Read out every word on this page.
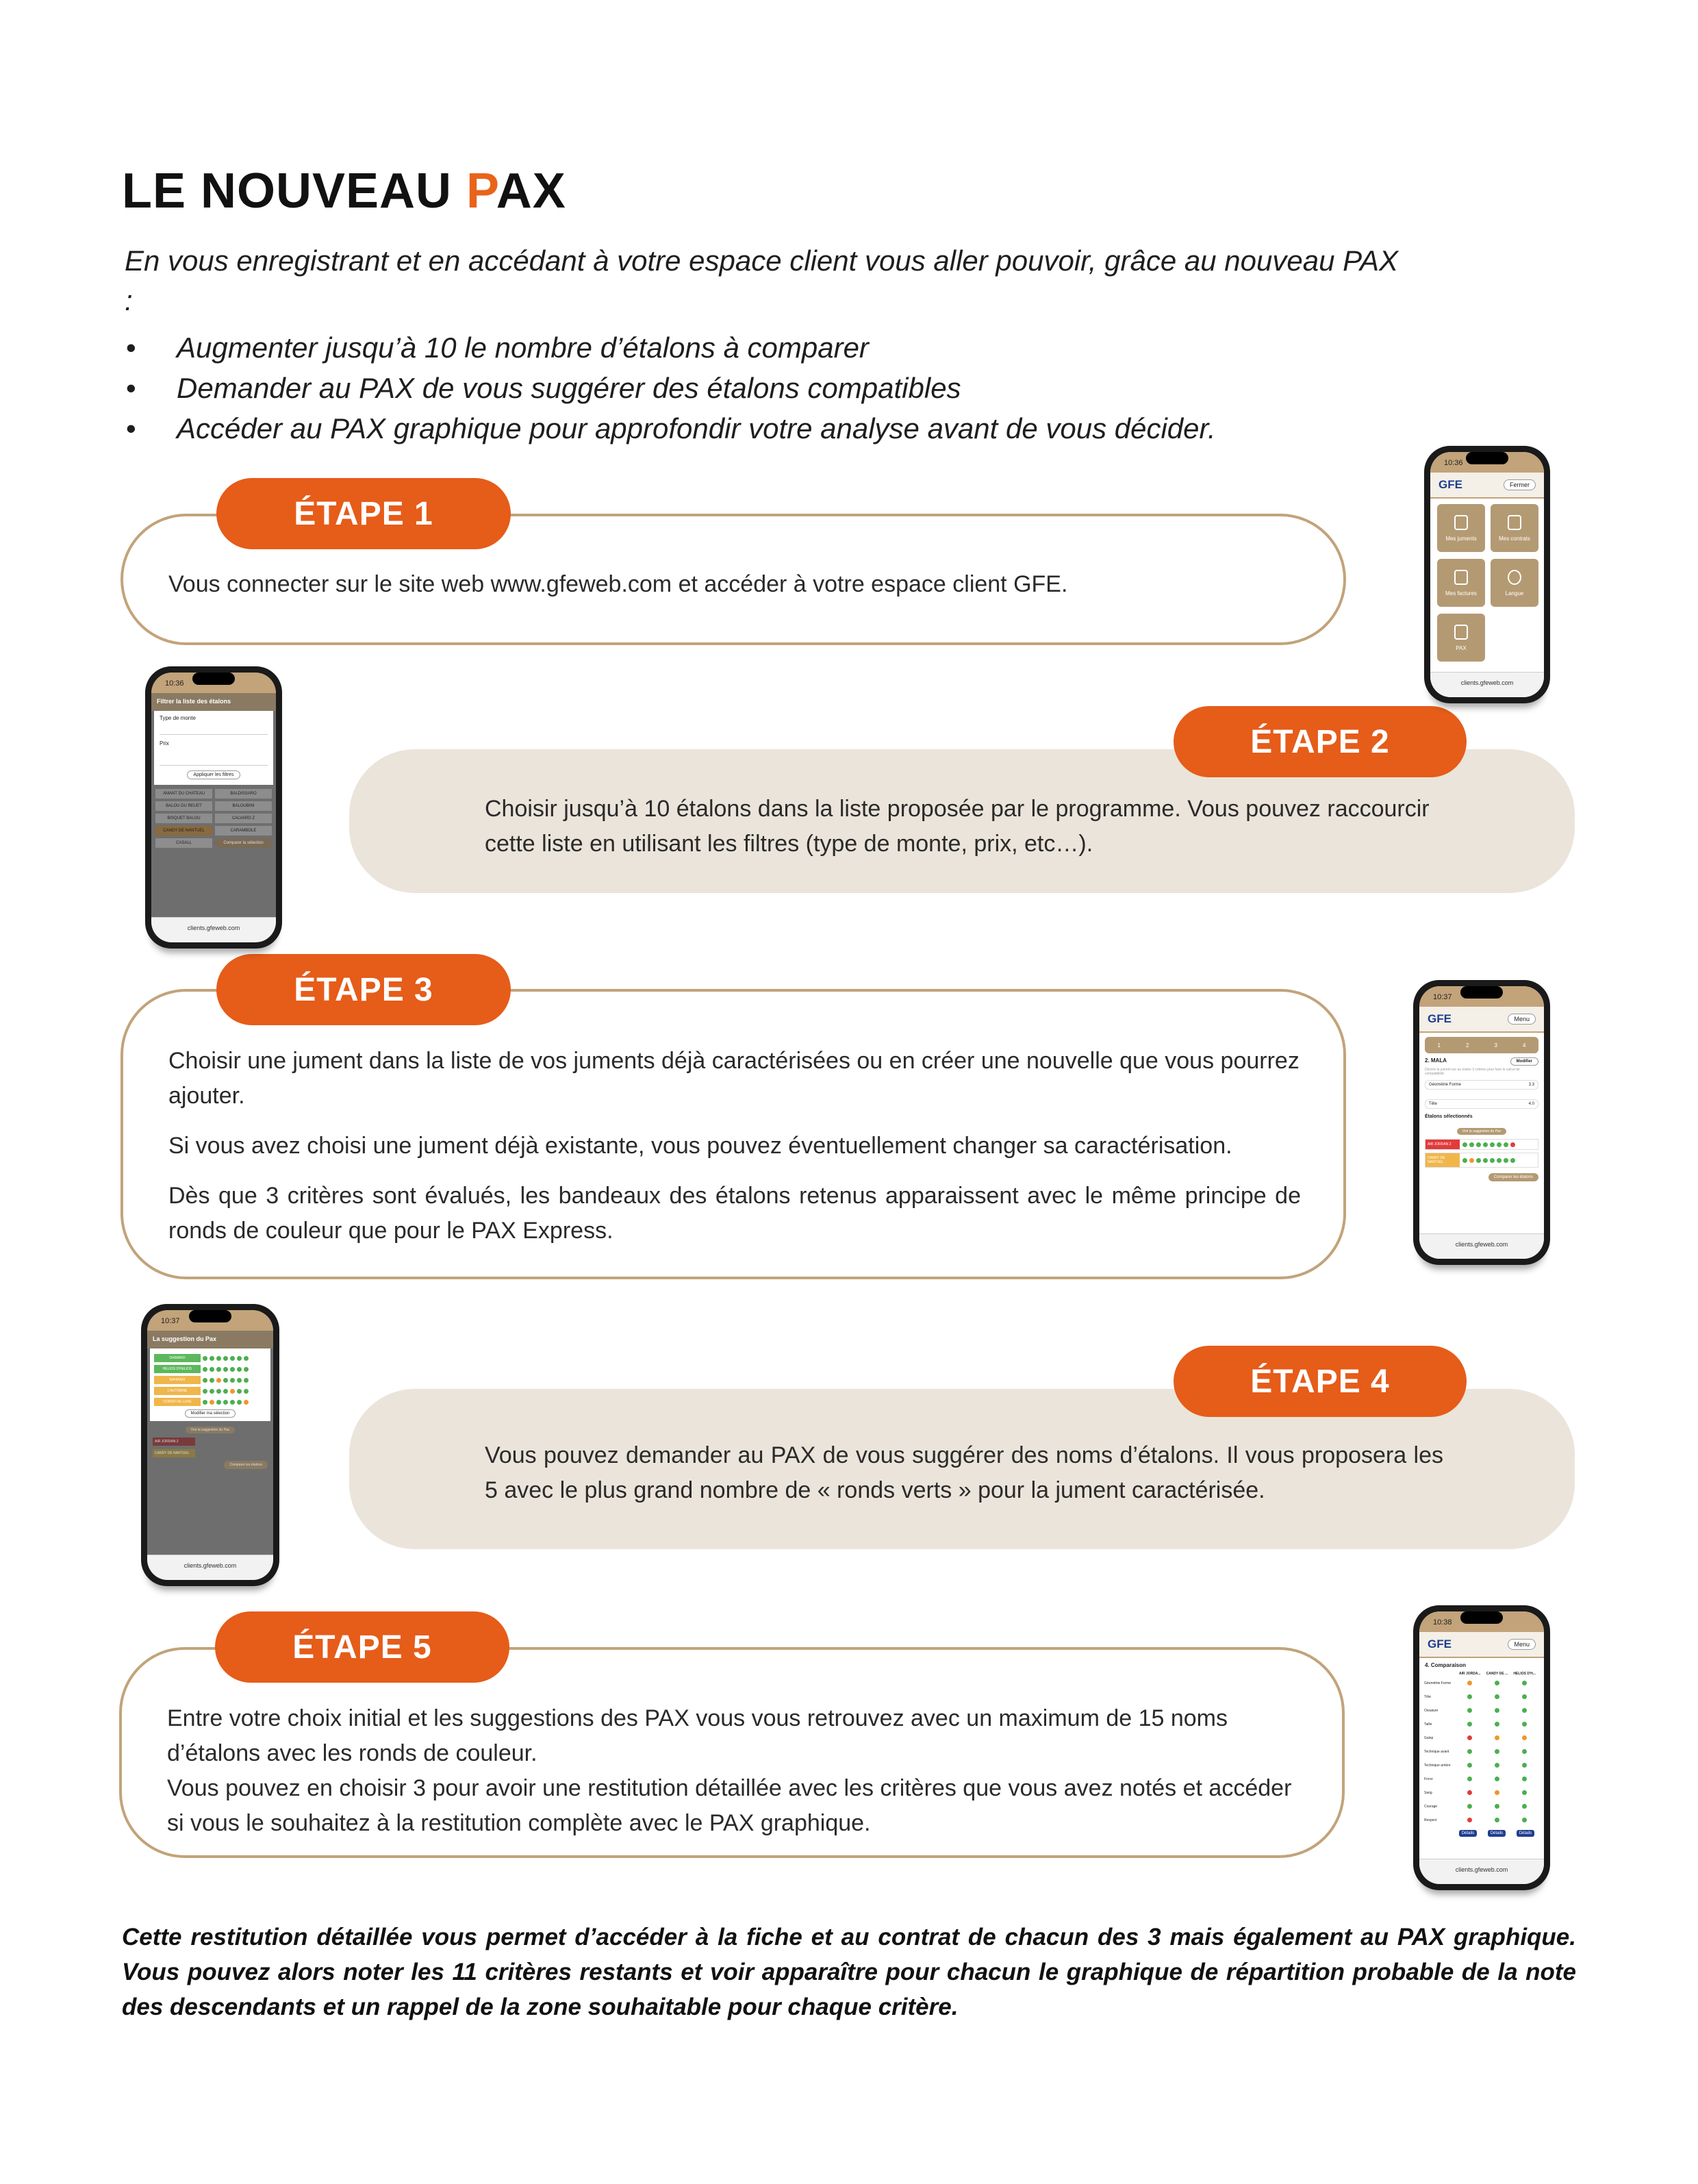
LE NOUVEAU PAX
En vous enregistrant et en accédant à votre espace client vous aller pouvoir, grâce au nouveau PAX :
• Augmenter jusqu’à 10 le nombre d’étalons à comparer
• Demander au PAX de vous suggérer des étalons compatibles
• Accéder au PAX graphique pour approfondir votre analyse avant de vous décider.
ÉTAPE 1

Vous connecter sur le site web www.gfeweb.com et accéder à votre espace client GFE.

ÉTAPE 2

Choisir jusqu’à 10 étalons dans la liste proposée par le programme. Vous pouvez raccourcir cette liste en utilisant les filtres (type de monte, prix, etc…).

ÉTAPE 3

Choisir une jument dans la liste de vos juments déjà caractérisées ou en créer une nouvelle que vous pourrez ajouter.

Si vous avez choisi une jument déjà existante, vous pouvez éventuellement changer sa caractérisation.

Dès que 3 critères sont évalués, les bandeaux des étalons retenus apparaissent avec le même principe de ronds de couleur que pour le PAX Express.

ÉTAPE 4

Vous pouvez demander au PAX de vous suggérer des noms d’étalons. Il vous proposera les 5 avec le plus grand nombre de « ronds verts » pour la jument caractérisée.

ÉTAPE 5

Entre votre choix initial et les suggestions des PAX vous vous retrouvez avec un maximum de 15 noms d’étalons avec les ronds de couleur.

Vous pouvez en choisir 3 pour avoir une restitution détaillée avec les critères que vous avez notés et accéder si vous le souhaitez à la restitution complète avec le PAX graphique.

Cette restitution détaillée vous permet d’accéder à la fiche et au contrat de chacun des 3 mais également au PAX graphique. Vous pouvez alors noter les 11 critères restants et voir apparaître pour chacun le graphique de répartition probable de la note des descendants et un rappel de la zone souhaitable pour chaque critère.
10:36
GFE	Fermer
Mes juments	Mes contrats
Mes factures	Langue
PAX
clients.gfeweb.com
10:36
Filtrer la liste des étalons
Type de monte
Prix
Appliquer les filtres
AMANT DU CHATEAU	BALDISSARO
BALOU DU REUET	BALOUBINI
BISQUET BALOU	CALVARO Z
CANDY DE NANTUEL	CARAMBOLE
CASALL	Comparer la sélection
clients.gfeweb.com
10:37
GFE	Menu
1	2	3	4
2. MALA	Modifier
Décrire la jument sur au moins 3 critères pour faire le calcul de compatibilité.
Géométrie Forme	3.3
Tête	4.0
Étalons sélectionnés
Voir la suggestion du Pax
AIR JORDAN Z
CANDY DE NANTUEL
Comparer les étalons
clients.gfeweb.com
10:37
La suggestion du Pax
DIAMANO
HELIOS D'HELIOS
BAHIANO
L'AUTOMNE
CORDO DE LUXE
Modifier ma sélection
Voir la suggestion du Pax
AIR JORDAN Z
CANDY DE NANTUEL
Comparer les étalons
clients.gfeweb.com
10:38
GFE	Menu
4. Comparaison
	AIR JORDA...	CANDY DE ...	HELIOS D'H...
Géométrie Forme			
Tête			
Ossature			
Taille			
Galop			
Technique avant			
Technique arrière			
Force			
Sang			
Courage			
Respect			
Détails	Détails	Détails
clients.gfeweb.com
